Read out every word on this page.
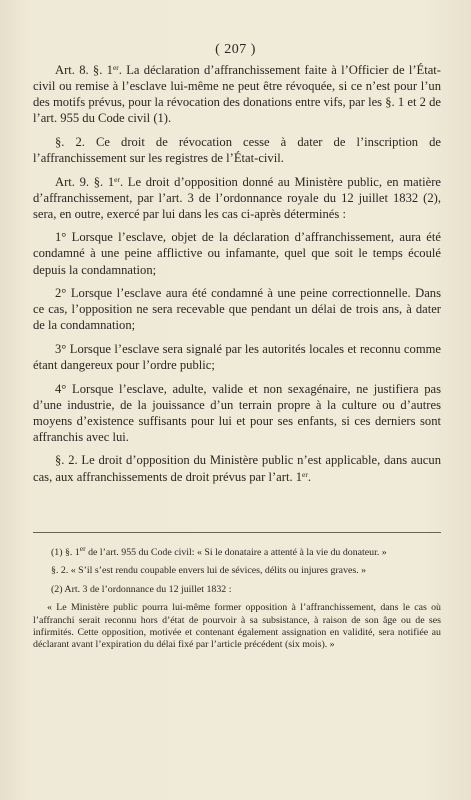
( 207 )

Art. 8. §. 1er. La déclaration d’affranchissement faite à l’Officier de l’État-civil ou remise à l’esclave lui-même ne peut être révoquée, si ce n’est pour l’un des motifs prévus, pour la révocation des donations entre vifs, par les §. 1 et 2 de l’art. 955 du Code civil (1).

§. 2. Ce droit de révocation cesse à dater de l’inscription de l’affranchissement sur les registres de l’État-civil.

Art. 9. §. 1er. Le droit d’opposition donné au Ministère public, en matière d’affranchissement, par l’art. 3 de l’ordonnance royale du 12 juillet 1832 (2), sera, en outre, exercé par lui dans les cas ci-après déterminés :

1° Lorsque l’esclave, objet de la déclaration d’affranchissement, aura été condamné à une peine afflictive ou infamante, quel que soit le temps écoulé depuis la condamnation;

2° Lorsque l’esclave aura été condamné à une peine correctionnelle. Dans ce cas, l’opposition ne sera recevable que pendant un délai de trois ans, à dater de la condamnation;

3° Lorsque l’esclave sera signalé par les autorités locales et reconnu comme étant dangereux pour l’ordre public;

4° Lorsque l’esclave, adulte, valide et non sexagénaire, ne justifiera pas d’une industrie, de la jouissance d’un terrain propre à la culture ou d’autres moyens d’existence suffisants pour lui et pour ses enfants, si ces derniers sont affranchis avec lui.

§. 2. Le droit d’opposition du Ministère public n’est applicable, dans aucun cas, aux affranchissements de droit prévus par l’art. 1er.

(1) §. 1er de l’art. 955 du Code civil: « Si le donataire a attenté à la vie du donateur. »

§. 2. « S’il s’est rendu coupable envers lui de sévices, délits ou injures graves. »

(2) Art. 3 de l’ordonnance du 12 juillet 1832 :

« Le Ministère public pourra lui-même former opposition à l’affranchissement, dans le cas où l’affranchi serait reconnu hors d’état de pourvoir à sa subsistance, à raison de son âge ou de ses infirmités. Cette opposition, motivée et contenant également assignation en validité, sera notifiée au déclarant avant l’expiration du délai fixé par l’article précédent (six mois). »
